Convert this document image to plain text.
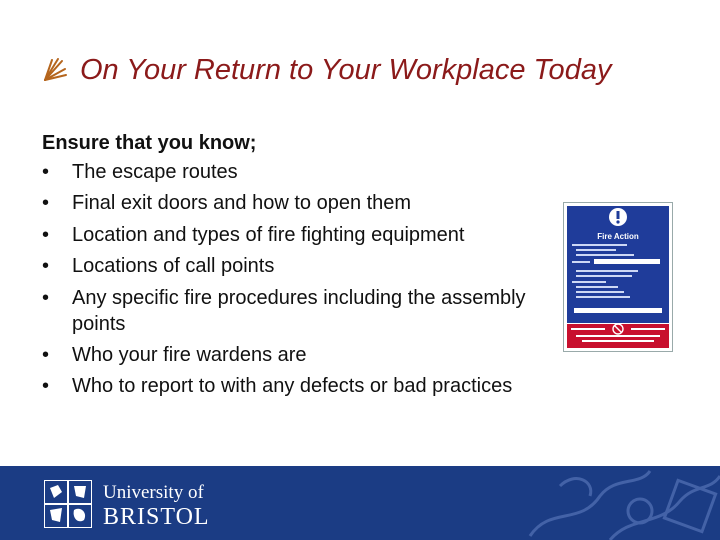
On Your Return to Your Workplace Today
Ensure that you know;
• The escape routes
• Final exit doors and how to open them
• Location and types of fire fighting equipment
• Locations of call points
• Any specific fire procedures including the assembly points
• Who your fire wardens are
• Who to report to with any defects or bad practices
Fire Action
University of
BRISTOL
